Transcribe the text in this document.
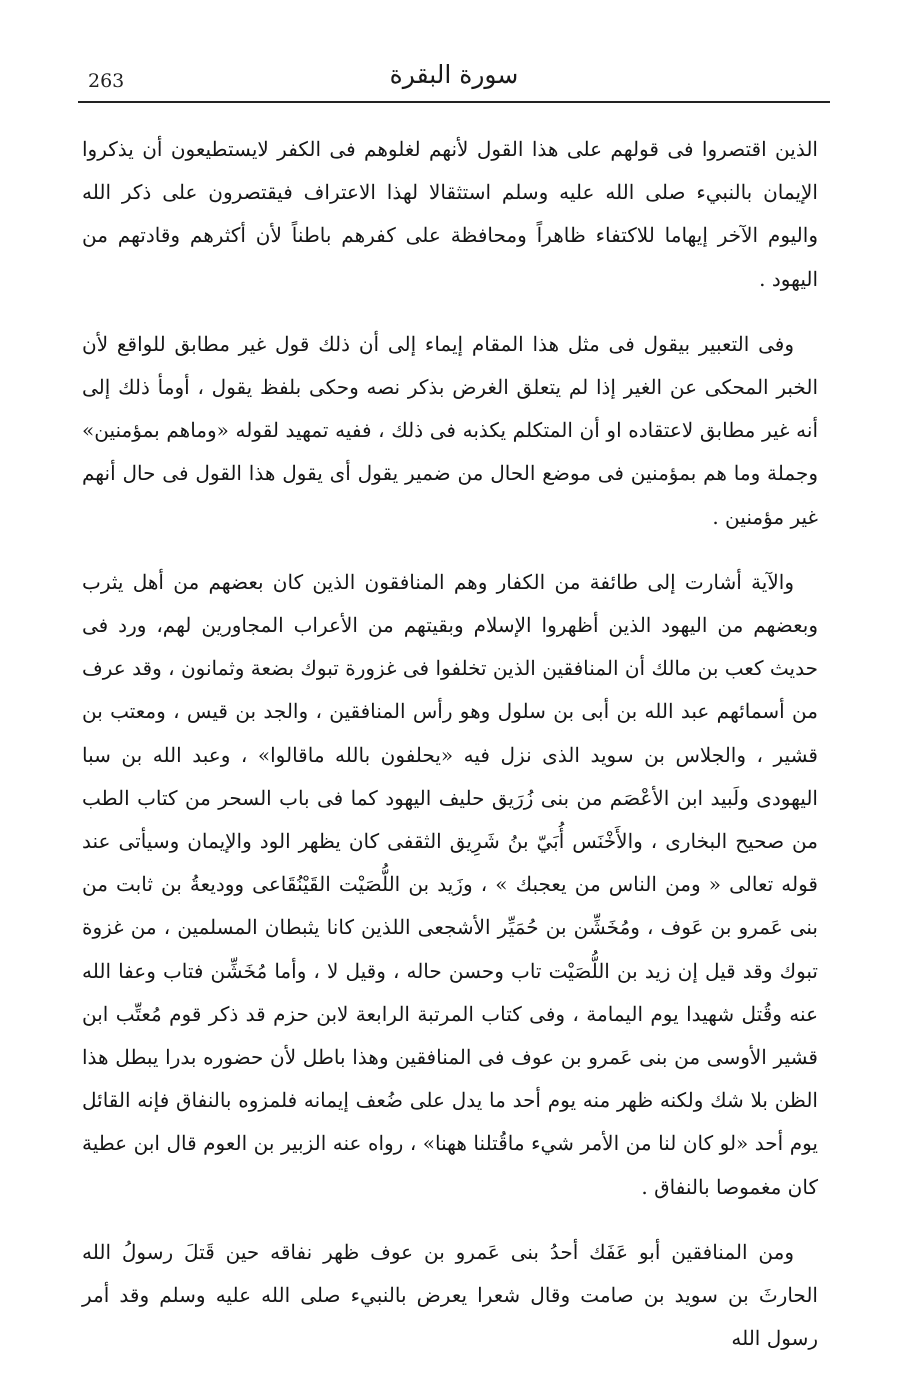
263	سورة البقرة

الذين اقتصروا فى قولهم على هذا القول لأنهم لغلوهم فى الكفر لايستطيعون أن يذكروا الإيمان بالنبيء صلى الله عليه وسلم استثقالا لهذا الاعتراف فيقتصرون على ذكر الله واليوم الآخر إيهاما للاكتفاء ظاهراً ومحافظة على كفرهم باطناً لأن أكثرهم وقادتهم من اليهود .

وفى التعبير بيقول فى مثل هذا المقام إيماء إلى أن ذلك قول غير مطابق للواقع لأن الخبر المحكى عن الغير إذا لم يتعلق الغرض بذكر نصه وحكى بلفظ يقول ، أومأ ذلك إلى أنه غير مطابق لاعتقاده او أن المتكلم يكذبه فى ذلك ، ففيه تمهيد لقوله «وماهم بمؤمنين» وجملة وما هم بمؤمنين فى موضع الحال من ضمير يقول أى يقول هذا القول فى حال أنهم غير مؤمنين .

والآية أشارت إلى طائفة من الكفار وهم المنافقون الذين كان بعضهم من أهل يثرب وبعضهم من اليهود الذين أظهروا الإسلام وبقيتهم من الأعراب المجاورين لهم، ورد فى حديث كعب بن مالك أن المنافقين الذين تخلفوا فى غزورة تبوك بضعة وثمانون ، وقد عرف من أسمائهم عبد الله بن أبى بن سلول وهو رأس المنافقين ، والجد بن قيس ، ومعتب بن قشير ، والجلاس بن سويد الذى نزل فيه «يحلفون بالله ماقالوا» ، وعبد الله بن سبا اليهودى ولَبيد ابن الأعْصَم من بنى زُرَيق حليف اليهود كما فى باب السحر من كتاب الطب من صحيح البخارى ، والأَخْنَس أُبَيّ بنُ شَرِيق الثقفى كان يظهر الود والإيمان وسيأتى عند قوله تعالى « ومن الناس من يعجبك » ، وزَيد بن اللُّصَيْت القَيْنُقَاعى ووديعةُ بن ثابت من بنى عَمرو بن عَوف ، ومُخَشِّن بن حُمَيِّر الأشجعى اللذين كانا يثبطان المسلمين ، من غزوة تبوك وقد قيل إن زيد بن اللُّصَيْت تاب وحسن حاله ، وقيل لا ، وأما مُخَشِّن فتاب وعفا الله عنه وقُتل شهيدا يوم اليمامة ، وفى كتاب المرتبة الرابعة لابن حزم قد ذكر قوم مُعتِّب ابن قشير الأوسى من بنى عَمرو بن عوف فى المنافقين وهذا باطل لأن حضوره بدرا يبطل هذا الظن بلا شك ولكنه ظهر منه يوم أحد ما يدل على ضُعف إيمانه فلمزوه بالنفاق فإنه القائل يوم أحد «لو كان لنا من الأمر شيء ماقُتلنا ههنا» ، رواه عنه الزبير بن العوم قال ابن عطية كان مغموصا بالنفاق .

ومن المنافقين أبو عَفَك أحدُ بنى عَمرو بن عوف ظهر نفاقه حين قَتلَ رسولُ الله الحارثَ بن سويد بن صامت وقال شعرا يعرض بالنبيء صلى الله عليه وسلم وقد أمر رسول الله
